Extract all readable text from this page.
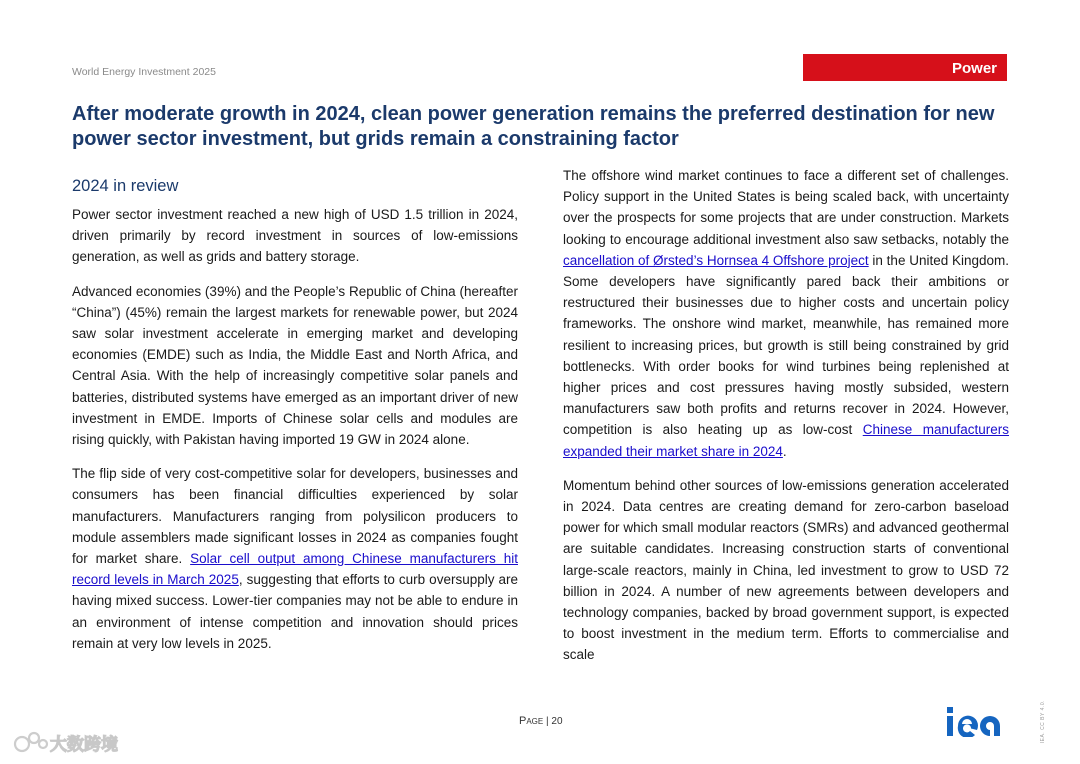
World Energy Investment 2025	Power
After moderate growth in 2024, clean power generation remains the preferred destination for new power sector investment, but grids remain a constraining factor
2024 in review

Power sector investment reached a new high of USD 1.5 trillion in 2024, driven primarily by record investment in sources of low-emissions generation, as well as grids and battery storage.

Advanced economies (39%) and the People’s Republic of China (hereafter “China”) (45%) remain the largest markets for renewable power, but 2024 saw solar investment accelerate in emerging market and developing economies (EMDE) such as India, the Middle East and North Africa, and Central Asia. With the help of increasingly competitive solar panels and batteries, distributed systems have emerged as an important driver of new investment in EMDE. Imports of Chinese solar cells and modules are rising quickly, with Pakistan having imported 19 GW in 2024 alone.

The flip side of very cost-competitive solar for developers, businesses and consumers has been financial difficulties experienced by solar manufacturers. Manufacturers ranging from polysilicon producers to module assemblers made significant losses in 2024 as companies fought for market share. Solar cell output among Chinese manufacturers hit record levels in March 2025, suggesting that efforts to curb oversupply are having mixed success. Lower-tier companies may not be able to endure in an environment of intense competition and innovation should prices remain at very low levels in 2025.

The offshore wind market continues to face a different set of challenges. Policy support in the United States is being scaled back, with uncertainty over the prospects for some projects that are under construction. Markets looking to encourage additional investment also saw setbacks, notably the cancellation of Ørsted’s Hornsea 4 Offshore project in the United Kingdom. Some developers have significantly pared back their ambitions or restructured their businesses due to higher costs and uncertain policy frameworks. The onshore wind market, meanwhile, has remained more resilient to increasing prices, but growth is still being constrained by grid bottlenecks. With order books for wind turbines being replenished at higher prices and cost pressures having mostly subsided, western manufacturers saw both profits and returns recover in 2024. However, competition is also heating up as low-cost Chinese manufacturers expanded their market share in 2024.

Momentum behind other sources of low-emissions generation accelerated in 2024. Data centres are creating demand for zero-carbon baseload power for which small modular reactors (SMRs) and advanced geothermal are suitable candidates. Increasing construction starts of conventional large-scale reactors, mainly in China, led investment to grow to USD 72 billion in 2024. A number of new agreements between developers and technology companies, backed by broad government support, is expected to boost investment in the medium term. Efforts to commercialise and scale

Page | 20	IEA. CC BY 4.0.
大数跨境
